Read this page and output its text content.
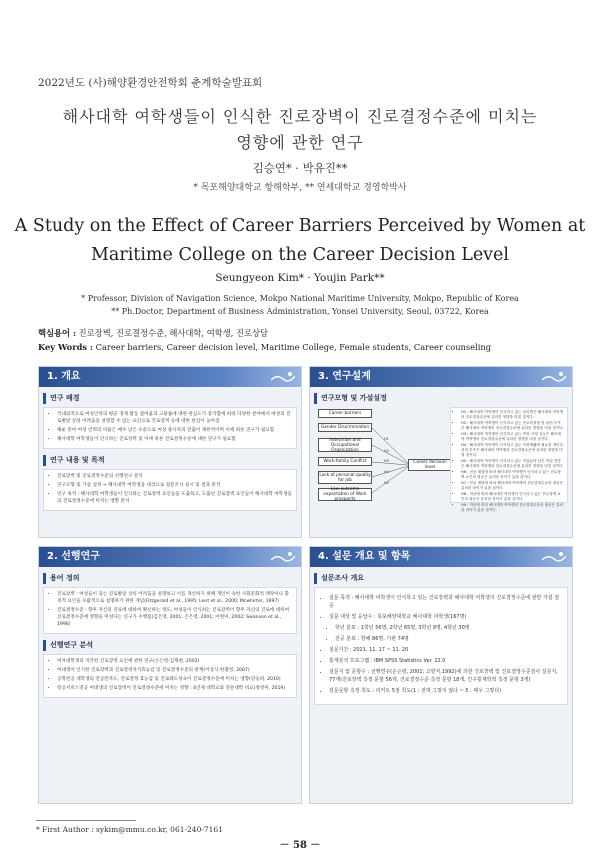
2022년도 (사)해양환경안전학회 춘계학술발표회
해사대학 여학생들이 인식한 진로장벽이 진로결정수준에 미치는
영향에 관한 연구
김승연* · 박유진**
* 목포해양대학교 항해학부, ** 연세대학교 경영학박사
A Study on the Effect of Career Barriers Perceived by Women at
Maritime College on the Career Decision Level
Seungyeon Kim* · Youjin Park**
* Professor, Division of Navigation Science, Mokpo National Maritime University, Mokpo, Republic of Korea
** Ph.Doctor, Department of Business Administration, Yonsei University, Seoul, 03722, Korea
핵심용어 : 진로장벽, 진로결정수준, 해사대학, 여학생, 진로상담
Key Words : Career barriers, Career decision level, Maritime College, Female students, Career counseling
1. 개요
연구 배경
• 국내외적으로 여성인력의 평균 경제 활동 참여율과 고용률에 대한 관심도가 증가함에 따라 다양한 분야에서 여성의 진로발달 상의 어려움을 설명할 수 있는 요인으로 진로장벽 등에 대한 관심이 높아짐
• 해운 분야 여성 인력의 비율은 매우 낮은 수준으로 여성 종사자의 진출이 제한적이며 이에 따른 연구가 필요함
• 해사대학 여학생들이 인식하는 진로장벽 및 이에 따른 진로결정수준에 대한 연구가 필요함
연구 내용 및 목적
• 진로장벽 및 진로결정수준의 선행연구 분석
• 연구모형 및 가설 설정 → 해사대학 여학생을 대상으로 설문조사 실시 및 결과 분석
• 연구 목적 : 해사대학 여학생들이 인식하는 진로장벽 요인들을 도출하고, 도출된 진로장벽 요인들이 해사대학 여학생들의 진로결정수준에 미치는 영향 분석
2. 선행연구
용어 정의
• 진로장벽 : 여성들이 겪는 진로발달 상의 어려움을 설명하고 이를 개선하기 위해 개인이 속한 사회문화적 맥락이나 환경적 요인을 포괄적으로 설명하기 위한 개념(Fitzgerald et al., 1995; Lent et al., 2000; Mcwhirter, 1997)
• 진로결정수준 : 향후 자신의 진로에 대하여 확신하는 정도, 여성들이 인식하는 진로장벽이 향후 자신의 진로에 대하여 진로결정수준에 영향을 미친다는 연구가 수행됨(김은영, 2001; 손은령, 2001; 이현미, 2002; Swanson et al., 1996)
선행연구 분석
• 여자대학생의 지각된 진로장벽 요인에 관한 연구(손은령·김계현, 2002)
• 여대생이 인식한 진로장벽과 진로결정자기효능감 및 진로결정수준의 관계(이상식·한철영, 2007)
• 공학전공 대학생의 전공만족도, 진로결정 효능감 및 진로태도성숙이 진로결정수준에 미치는 영향(강승희, 2010)
• 항공서비스전공 여대생의 진로장벽이 진로결정수준에 미치는 영향 : 4년제 대학교와 전문대학 비교(정영미, 2019)
3. 연구설계
연구모형 및 가설설정
H1
H2
H3
H4
H5
Career barriers
Gender Discrimination
Indecision and Occupational Organization
Work-family Conflict
Lack of personal quality for job
Low outcome expectation of Work prospects
Career decision level
• H1 : 해사대학 여학생이 인식하고 있는 성차별은 해사대학 여학생의 진로결정수준에 유의한 영향을 미칠 것이다.
• H2 : 해사대학 여학생이 인식하고 있는 진로미결정 및 관련 부족은 해사대학 여학생의 진로결정수준에 유의한 영향을 미칠 것이다.
• H3 : 해사대학 여학생이 인식하고 있는 직장-가정 갈등은 해사대학 여학생의 진로결정수준에 유의한 영향을 미칠 것이다.
• H4 : 해사대학 여학생이 인식하고 있는 직장생활에 필요한 개인특성의 부족은 해사대학 여학생의 진로결정수준에 유의한 영향을 미칠 것이다.
• H5 : 해사대학 여학생이 인식하고 있는 직업분야 낮은 직업 전망은 해사대학 여학생의 진로결정수준에 유의한 영향을 미칠 것이다.
• H6 : 전공 계열에 따라 해사대학 여학생이 인식하고 있는 진로장벽 요인의 평균은 유의한 차이가 있을 것이다.
• H7 : 전공 계열에 따라 해사대학 여학생의 진로결정수준의 평균은 유의한 차이가 있을 것이다.
• H8 : 학년에 따라 해사대학 여학생이 인식하고 있는 진로장벽 요인의 평균은 유의한 차이가 있을 것이다.
• H9 : 학년에 따라 해사대학 여학생의 진로결정수준의 평균은 유의한 차이가 있을 것이다.
4. 설문 개요 및 항목
설문조사 개요
• 설문 목적 : 해사대학 여학생이 인식하고 있는 진로장벽과 해사대학 여학생의 진로결정수준에 관한 가설 검증
• 설문 대상 및 응답수 : 목포해양대학교 해사대학 여학생(167명)
• 학년 분포 : 1학년 56명, 2학년 65명, 3학년 9명, 4학년 30명
• 전공 분포 : 항해 86명, 기관 74명
• 설문기간 : 2021. 11. 17 ~ 11. 20
• 통계분석 프로그램 : IBM SPSS Statistics Ver. 22.0
• 설문지 및 문항수 : 선행연구(손은령, 2001; 고향자,1992)에 의한 진로장벽 및 진로결정수준검사 설문지, 77개(진로장벽 측정 문항 56개, 진로결정수준 측정 문항 18개, 인구통계학적 측정 문항 3개)
• 설문문항 측정 척도 : 리커트 5점 척도(1 : 전혀 그렇지 않다 ~ 5 : 매우 그렇다)
* First Author : sykim@mmu.co.kr, 061-240-7161
－ 58 －
